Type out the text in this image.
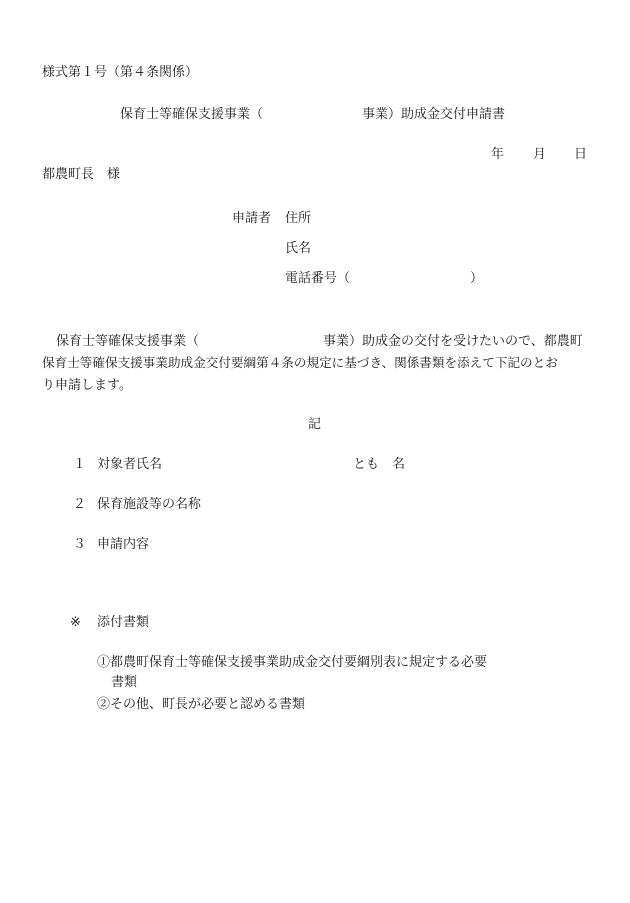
様式第１号（第４条関係）
保育士等確保支援事業（	事業）助成金交付申請書
年 月 日
都農町長　様
申請者 住所
氏名
電話番号（	）
保育士等確保支援事業（	事業）助成金の交付を受けたいので、都農町
保育士等確保支援事業助成金交付要綱第４条の規定に基づき、関係書類を添えて下記のとお
り申請します。
記
１ 対象者氏名	とも　名
２ 保育施設等の名称
３ 申請内容
※ 添付書類
①都農町保育士等確保支援事業助成金交付要綱別表に規定する必要
書類
②その他、町長が必要と認める書類
